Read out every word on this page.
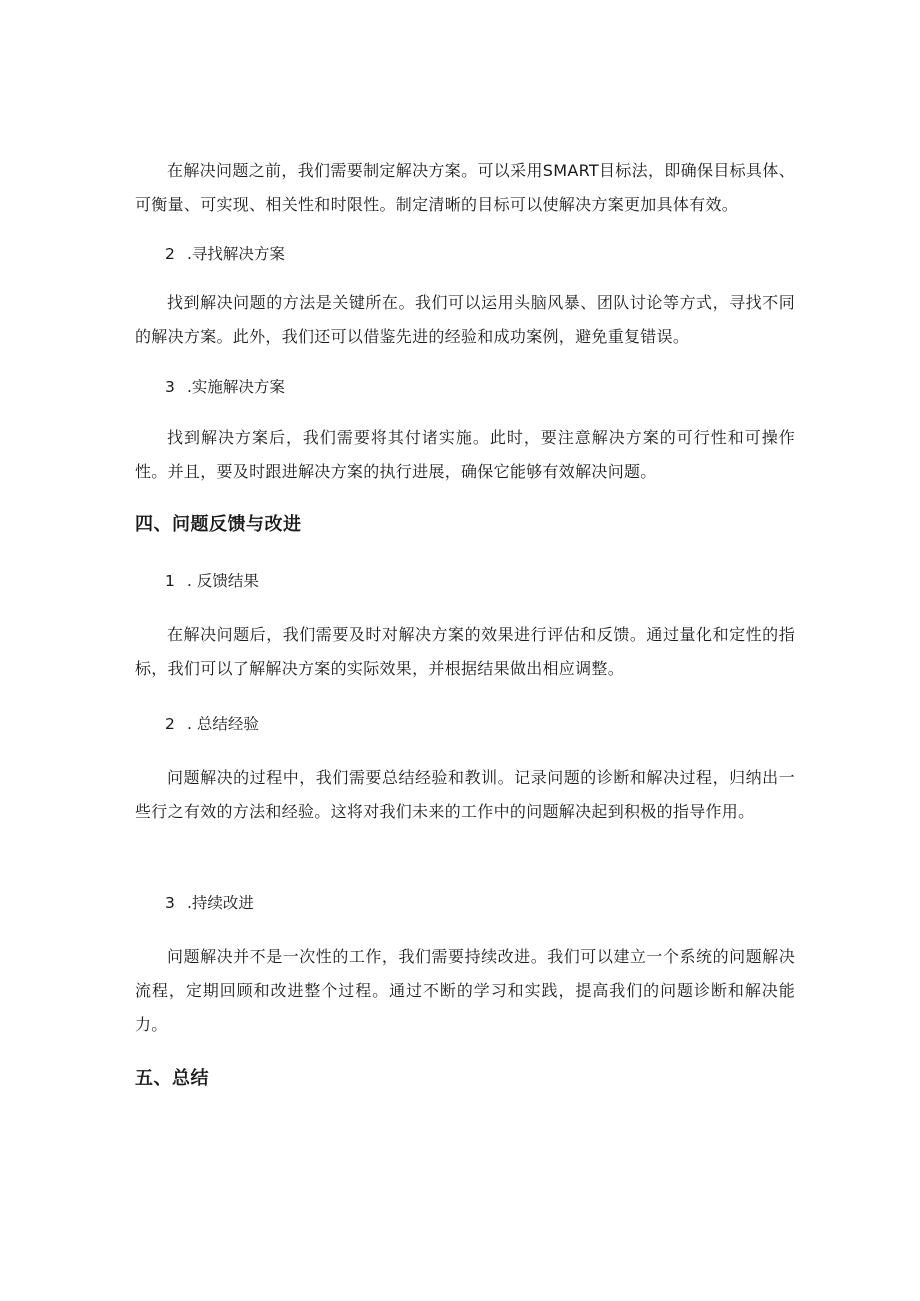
在解决问题之前，我们需要制定解决方案。可以采用SMART目标法，即确保目标具体、可衡量、可实现、相关性和时限性。制定清晰的目标可以使解决方案更加具体有效。

2 .寻找解决方案

找到解决问题的方法是关键所在。我们可以运用头脑风暴、团队讨论等方式，寻找不同的解决方案。此外，我们还可以借鉴先进的经验和成功案例，避免重复错误。

3 .实施解决方案

找到解决方案后，我们需要将其付诸实施。此时，要注意解决方案的可行性和可操作性。并且，要及时跟进解决方案的执行进展，确保它能够有效解决问题。

四、问题反馈与改进
1 . 反馈结果

在解决问题后，我们需要及时对解决方案的效果进行评估和反馈。通过量化和定性的指标，我们可以了解解决方案的实际效果，并根据结果做出相应调整。

2 . 总结经验

问题解决的过程中，我们需要总结经验和教训。记录问题的诊断和解决过程，归纳出一些行之有效的方法和经验。这将对我们未来的工作中的问题解决起到积极的指导作用。

3 .持续改进

问题解决并不是一次性的工作，我们需要持续改进。我们可以建立一个系统的问题解决流程，定期回顾和改进整个过程。通过不断的学习和实践，提高我们的问题诊断和解决能力。

五、总结
